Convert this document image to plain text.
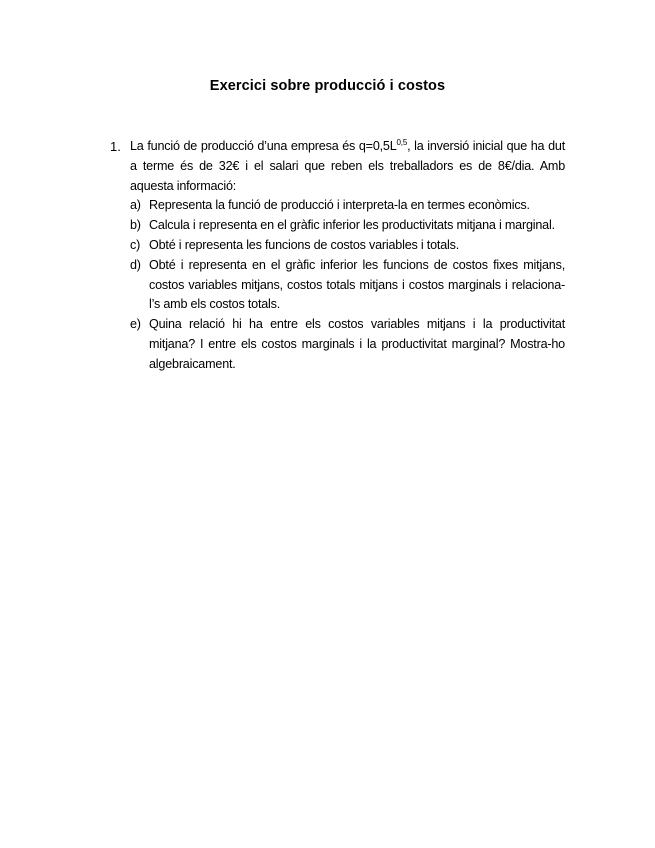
Exercici sobre producció i costos
1. La funció de producció d’una empresa és $q=0,5L^{0,5}$, la inversió inicial que ha dut a terme és de 32€ i el salari que reben els treballadors es de 8€/dia. Amb aquesta informació:
a) Representa la funció de producció i interpreta-la en termes econòmics.
b) Calcula i representa en el gràfic inferior les productivitats mitjana i marginal.
c) Obté i representa les funcions de costos variables i totals.
d) Obté i representa en el gràfic inferior les funcions de costos fixes mitjans, costos variables mitjans, costos totals mitjans i costos marginals i relaciona-l’s amb els costos totals.
e) Quina relació hi ha entre els costos variables mitjans i la productivitat mitjana? I entre els costos marginals i la productivitat marginal? Mostra-ho algebraicament.
